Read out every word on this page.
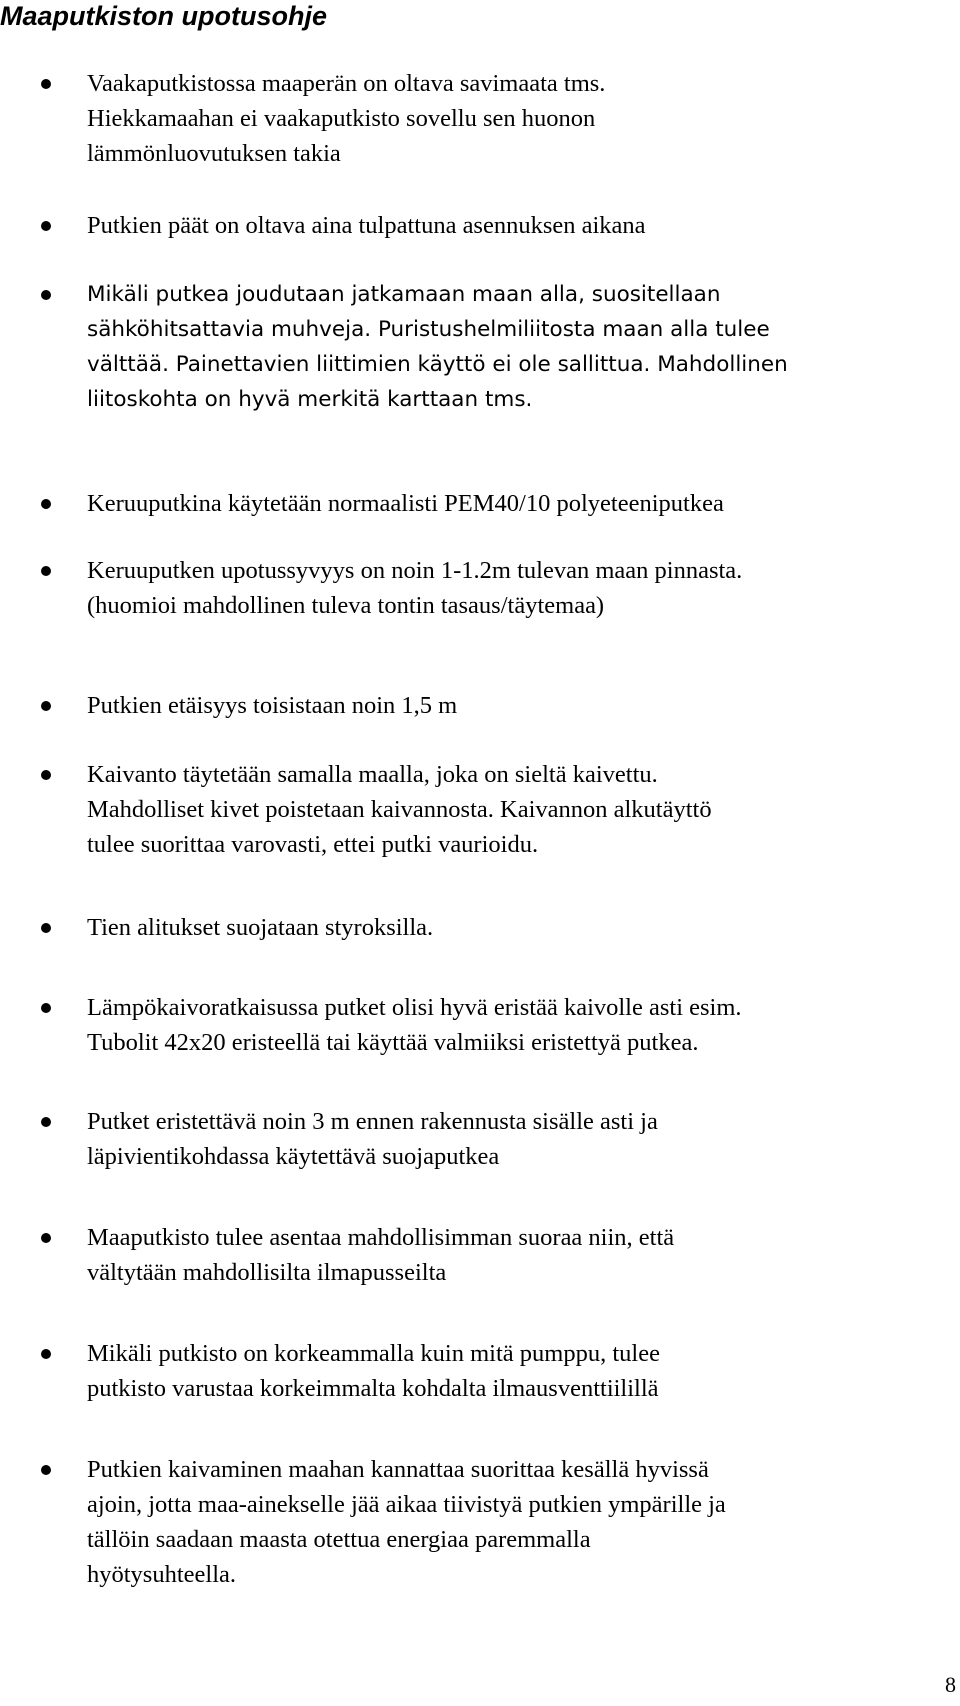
Maaputkiston upotusohje
Vaakaputkistossa maaperän on oltava savimaata tms.
Hiekkamaahan ei vaakaputkisto sovellu sen huonon
lämmönluovutuksen takia
Putkien päät on oltava aina tulpattuna asennuksen aikana
Mikäli putkea joudutaan jatkamaan maan alla, suositellaan
sähköhitsattavia muhveja. Puristushelmiliitosta maan alla tulee
välttää. Painettavien liittimien käyttö ei ole sallittua. Mahdollinen
liitoskohta on hyvä merkitä karttaan tms.
Keruuputkina käytetään normaalisti PEM40/10 polyeteeniputkea
Keruuputken upotussyvyys on noin 1-1.2m tulevan maan pinnasta.
(huomioi mahdollinen tuleva tontin tasaus/täytemaa)
Putkien etäisyys toisistaan noin 1,5 m
Kaivanto täytetään samalla maalla, joka on sieltä kaivettu.
Mahdolliset kivet poistetaan kaivannosta. Kaivannon alkutäyttö
tulee suorittaa varovasti, ettei putki vaurioidu.
Tien alitukset suojataan styroksilla.
Lämpökaivoratkaisussa putket olisi hyvä eristää kaivolle asti esim.
Tubolit 42x20 eristeellä tai käyttää valmiiksi eristettyä putkea.
Putket eristettävä noin 3 m ennen rakennusta sisälle asti ja
läpivientikohdassa käytettävä suojaputkea
Maaputkisto tulee asentaa mahdollisimman suoraa niin, että
vältytään mahdollisilta ilmapusseilta
Mikäli putkisto on korkeammalla kuin mitä pumppu, tulee
putkisto varustaa korkeimmalta kohdalta ilmausventtiilillä
Putkien kaivaminen maahan kannattaa suorittaa kesällä hyvissä
ajoin, jotta maa-ainekselle jää aikaa tiivistyä putkien ympärille ja
tällöin saadaan maasta otettua energiaa paremmalla
hyötysuhteella.
8
